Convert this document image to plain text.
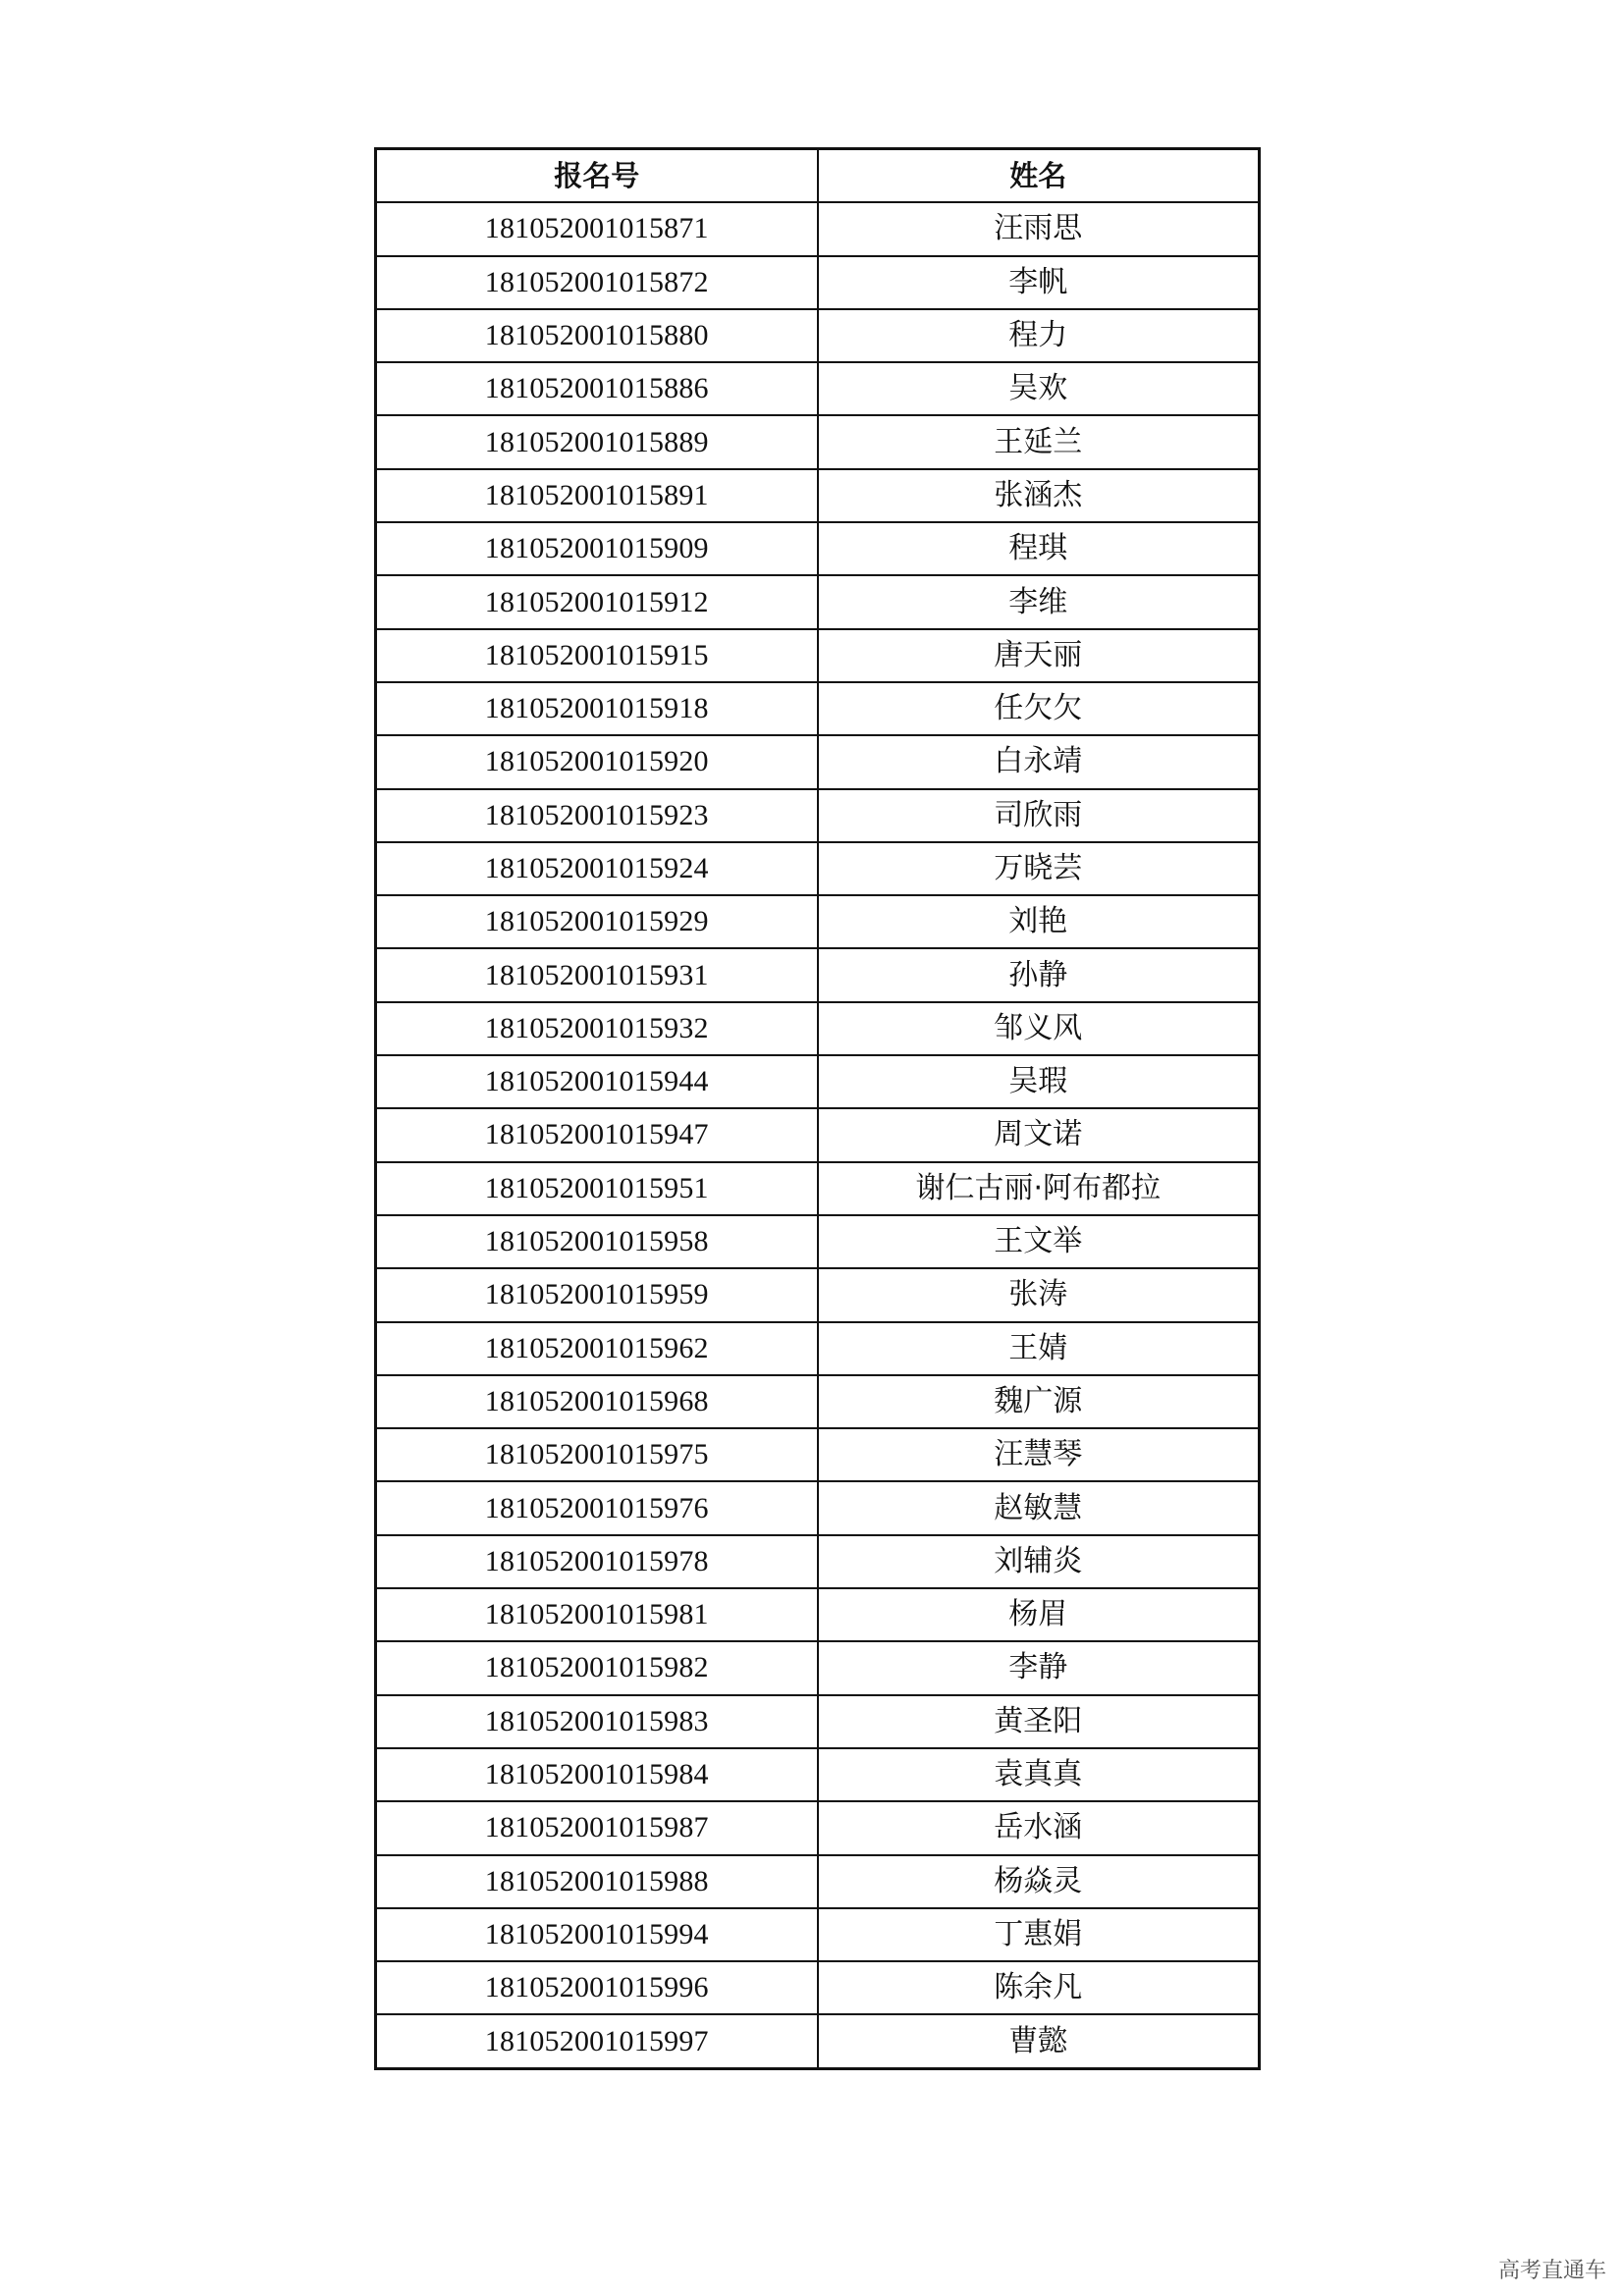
报名号	姓名
181052001015871	汪雨思
181052001015872	李帆
181052001015880	程力
181052001015886	吴欢
181052001015889	王延兰
181052001015891	张涵杰
181052001015909	程琪
181052001015912	李维
181052001015915	唐天丽
181052001015918	任欠欠
181052001015920	白永靖
181052001015923	司欣雨
181052001015924	万晓芸
181052001015929	刘艳
181052001015931	孙静
181052001015932	邹义风
181052001015944	吴瑕
181052001015947	周文诺
181052001015951	谢仁古丽·阿布都拉
181052001015958	王文举
181052001015959	张涛
181052001015962	王婧
181052001015968	魏广源
181052001015975	汪慧琴
181052001015976	赵敏慧
181052001015978	刘辅炎
181052001015981	杨眉
181052001015982	李静
181052001015983	黄圣阳
181052001015984	袁真真
181052001015987	岳水涵
181052001015988	杨焱灵
181052001015994	丁惠娟
181052001015996	陈余凡
181052001015997	曹懿
高考直通车
